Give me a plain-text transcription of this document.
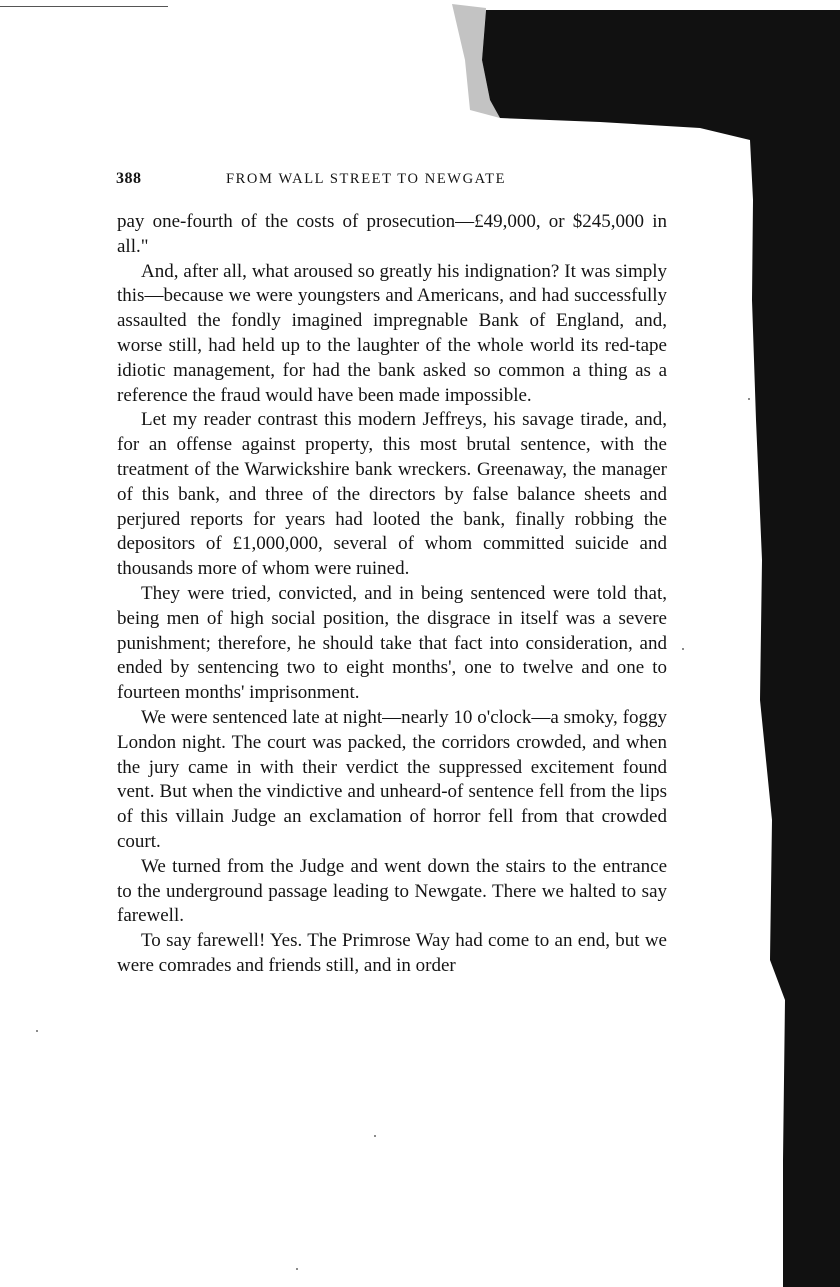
388	FROM WALL STREET TO NEWGATE

pay one-fourth of the costs of prosecution—£49,000, or $245,000 in all."

And, after all, what aroused so greatly his indignation? It was simply this—because we were youngsters and Americans, and had successfully assaulted the fondly imagined impregnable Bank of England, and, worse still, had held up to the laughter of the whole world its red-tape idiotic management, for had the bank asked so common a thing as a reference the fraud would have been made impossible.

Let my reader contrast this modern Jeffreys, his savage tirade, and, for an offense against property, this most brutal sentence, with the treatment of the Warwickshire bank wreckers. Greenaway, the manager of this bank, and three of the directors by false balance sheets and perjured reports for years had looted the bank, finally robbing the depositors of £1,000,000, several of whom committed suicide and thousands more of whom were ruined.

They were tried, convicted, and in being sentenced were told that, being men of high social position, the disgrace in itself was a severe punishment; therefore, he should take that fact into consideration, and ended by sentencing two to eight months', one to twelve and one to fourteen months' imprisonment.

We were sentenced late at night—nearly 10 o'clock—a smoky, foggy London night. The court was packed, the corridors crowded, and when the jury came in with their verdict the suppressed excitement found vent. But when the vindictive and unheard-of sentence fell from the lips of this villain Judge an exclamation of horror fell from that crowded court.

We turned from the Judge and went down the stairs to the entrance to the underground passage leading to Newgate. There we halted to say farewell.

To say farewell! Yes. The Primrose Way had come to an end, but we were comrades and friends still, and in order
